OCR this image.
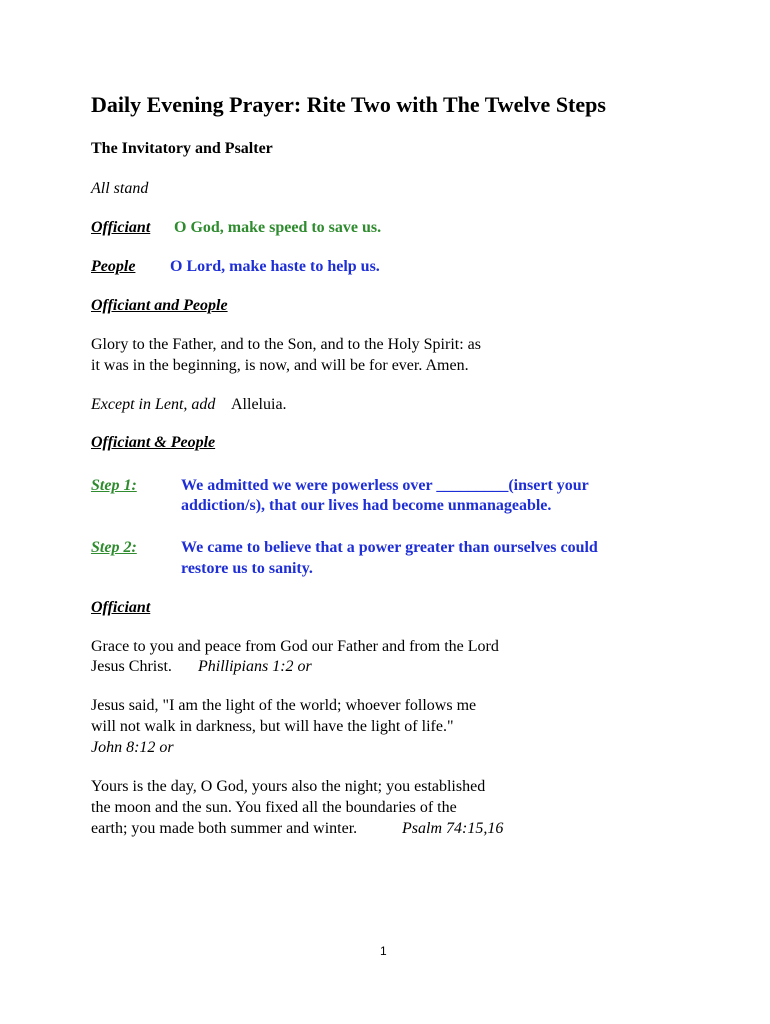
Daily Evening Prayer: Rite Two with The Twelve Steps
The Invitatory and Psalter
All stand
Officiant O God, make speed to save us.
People O Lord, make haste to help us.
Officiant and People
Glory to the Father, and to the Son, and to the Holy Spirit: as
it was in the beginning, is now, and will be for ever. Amen.
Except in Lent, add Alleluia.
Officiant & People
Step 1:	We admitted we were powerless over _________(insert your
addiction/s), that our lives had become unmanageable.
Step 2:	We came to believe that a power greater than ourselves could
restore us to sanity.
Officiant
Grace to you and peace from God our Father and from the Lord
Jesus Christ. Phillipians 1:2 or
Jesus said, "I am the light of the world; whoever follows me
will not walk in darkness, but will have the light of life."
John 8:12 or
Yours is the day, O God, yours also the night; you established
the moon and the sun. You fixed all the boundaries of the
earth; you made both summer and winter.	Psalm 74:15,16
1
